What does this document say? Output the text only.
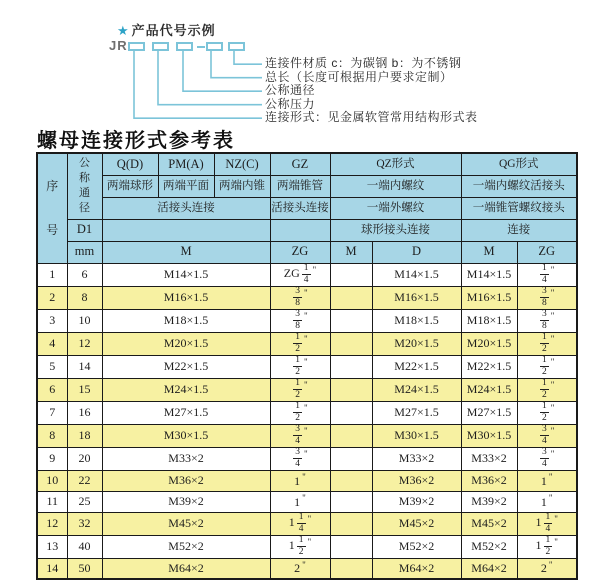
★ 产品代号示例
JR
连接件材质 c：为碳钢 b：为不锈钢
总长（长度可根据用户要求定制）
公称通径
公称压力
连接形式：见金属软管常用结构形式表
螺母连接形式参考表
序号	公称通径	Q(D)	PM(A)	NZ(C)	GZ	QZ形式		QG形式	
		两端球形	两端平面	两端内锥	两端锥管	一端内螺纹		一端内螺纹活接头	
		活接头连接			活接头连接	一端外螺纹		一端锥管螺纹接头	
	D1					球形接头连接		连接	
	mm	M			ZG	M	D	M	ZG
1	6	M14×1.5			ZG $\frac{1}{4} ^"$		M14×1.5	M14×1.5	$\frac{1}{4} ^"$
2	8	M16×1.5			$\frac{3}{8} ^"$		M16×1.5	M16×1.5	$\frac{3}{8} ^"$
3	10	M18×1.5			$\frac{3}{8} ^"$		M18×1.5	M18×1.5	$\frac{3}{8} ^"$
4	12	M20×1.5			$\frac{1}{2} ^"$		M20×1.5	M20×1.5	$\frac{1}{2} ^"$
5	14	M22×1.5			$\frac{1}{2} ^"$		M22×1.5	M22×1.5	$\frac{1}{2} ^"$
6	15	M24×1.5			$\frac{1}{2} ^"$		M24×1.5	M24×1.5	$\frac{1}{2} ^"$
7	16	M27×1.5			$\frac{1}{2} ^"$		M27×1.5	M27×1.5	$\frac{1}{2} ^"$
8	18	M30×1.5			$\frac{3}{4} ^"$		M30×1.5	M30×1.5	$\frac{3}{4} ^"$
9	20	M33×2			$\frac{3}{4} ^"$		M33×2	M33×2	$\frac{3}{4} ^"$
10	22	M36×2			1 "		M36×2	M36×2	1 "
11	25	M39×2			1 "		M39×2	M39×2	1 "
12	32	M45×2			$1 \frac{1}{4} ^"$		M45×2	M45×2	$1 \frac{1}{4} ^"$
13	40	M52×2			$1 \frac{1}{2} ^"$		M52×2	M52×2	$1 \frac{1}{2} ^"$
14	50	M64×2			2 "		M64×2	M64×2	2 "
